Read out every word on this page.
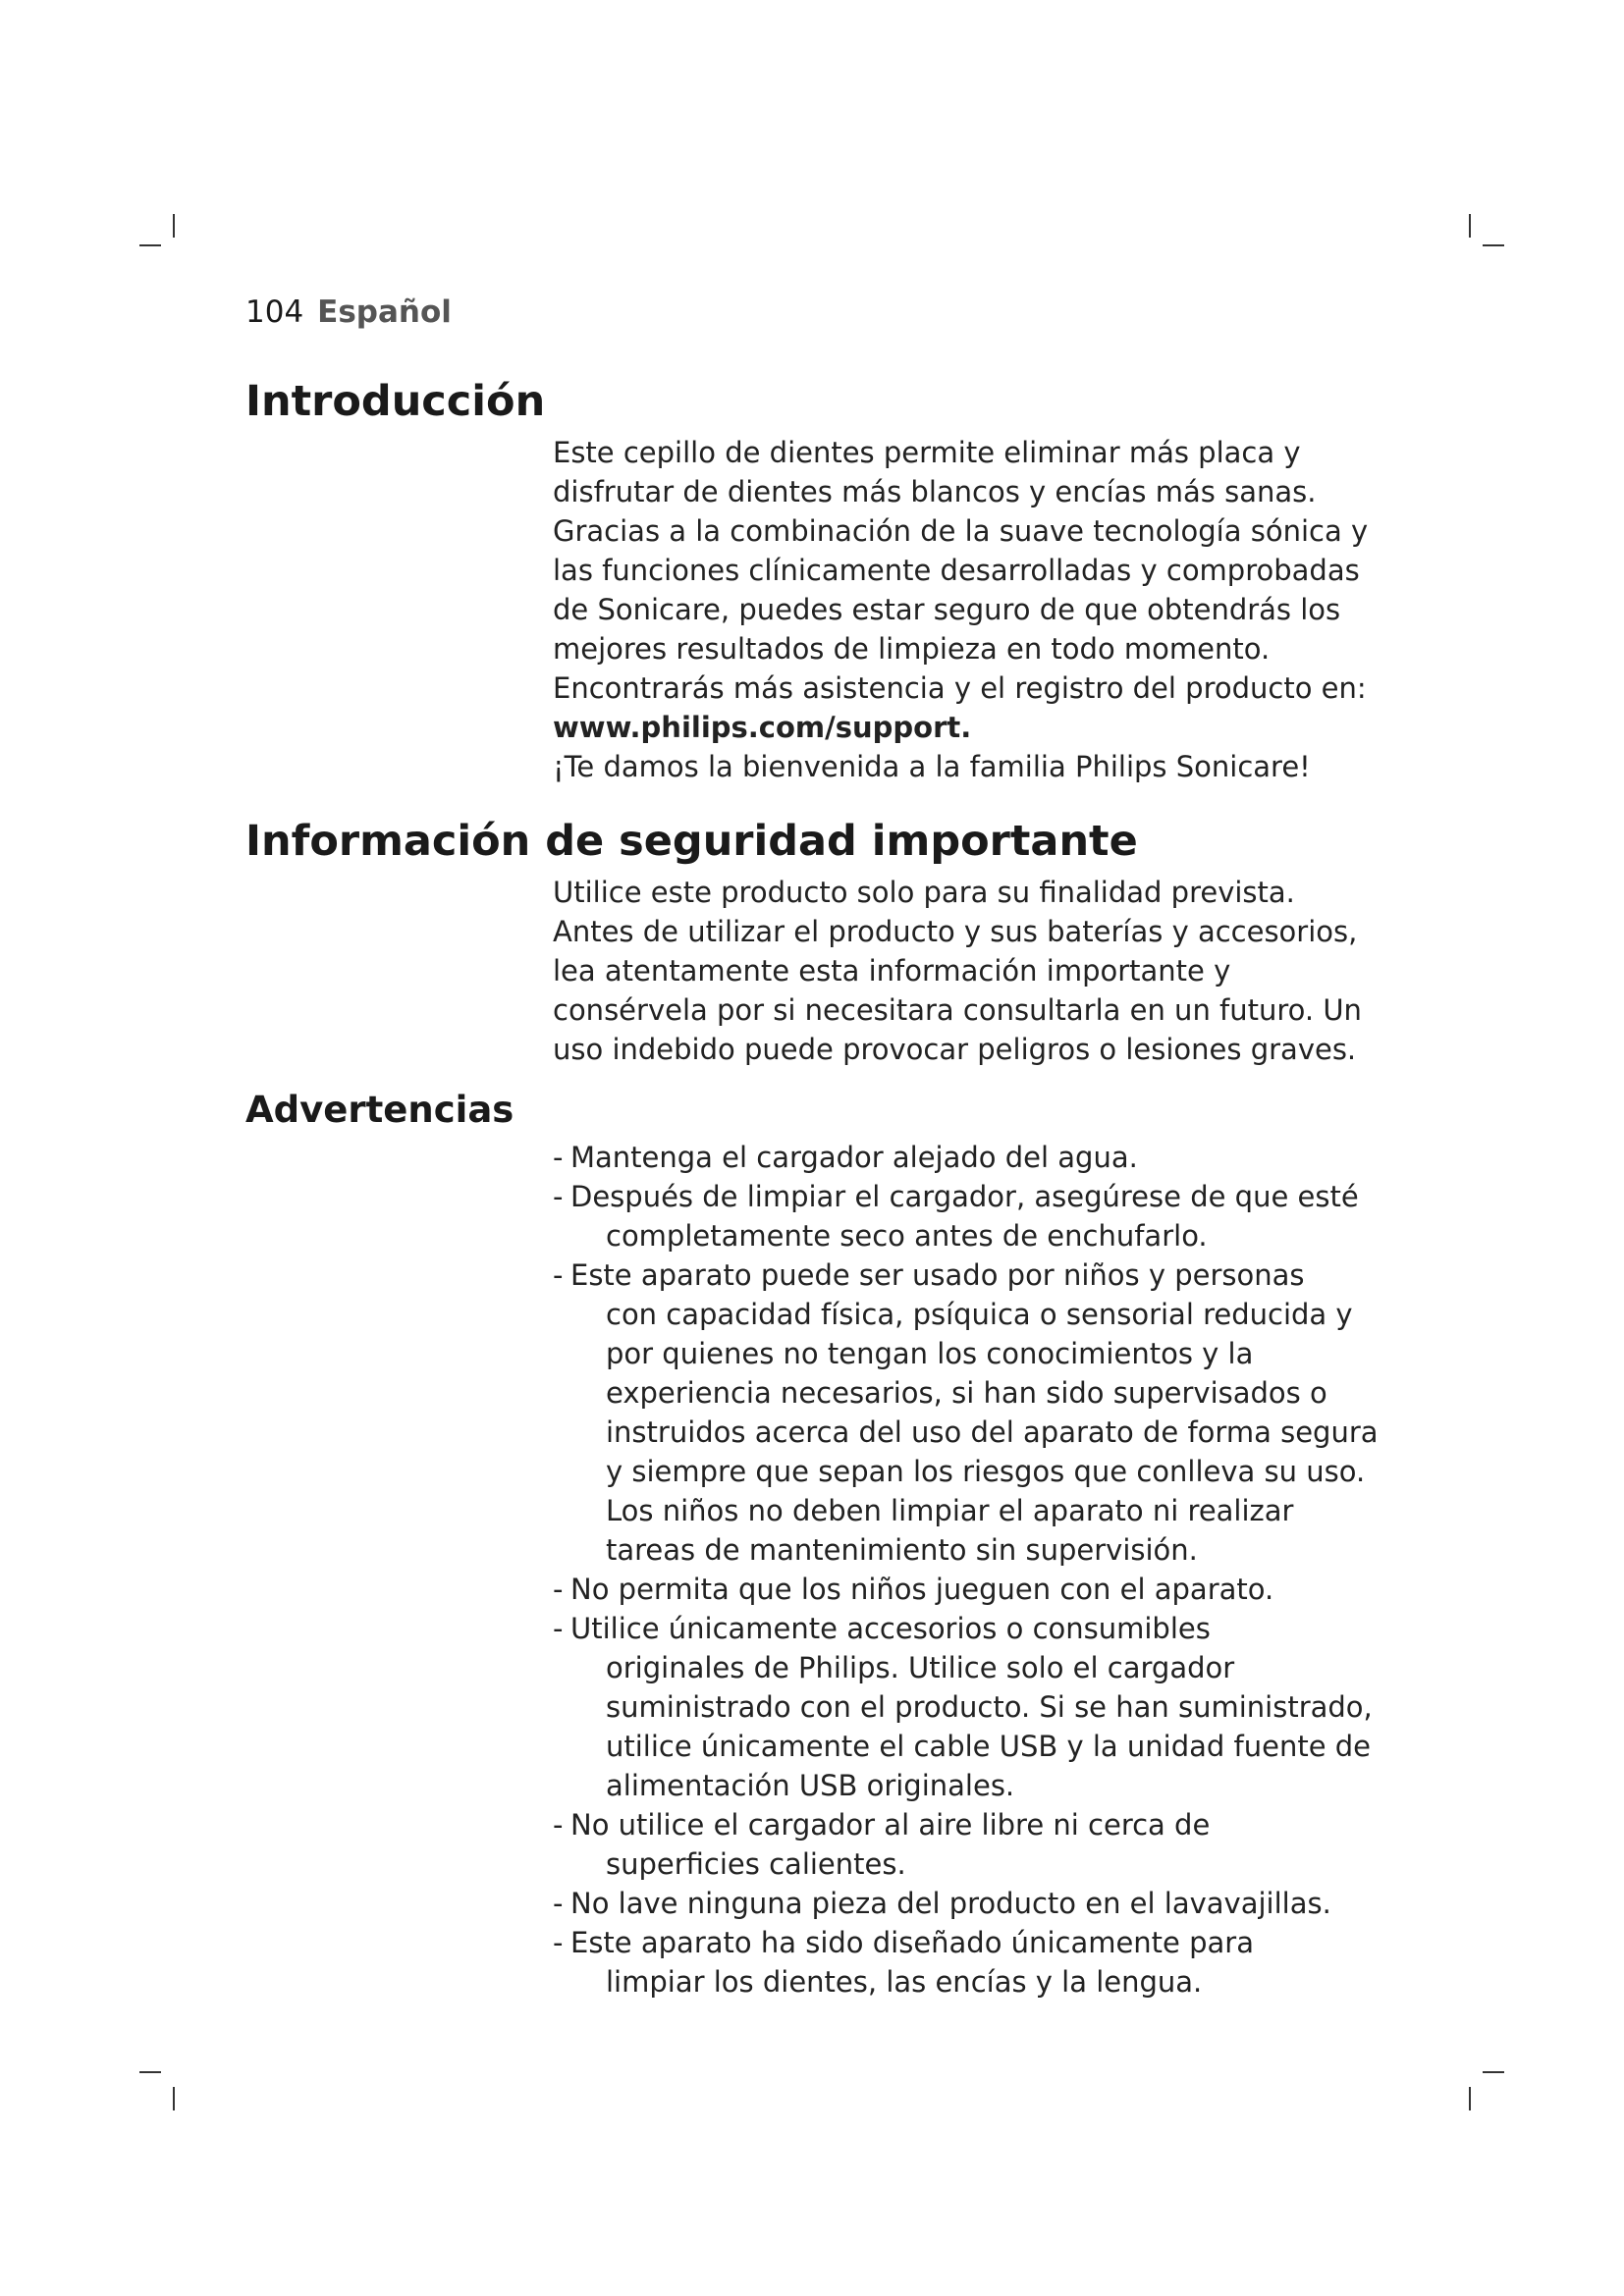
104 Español
Introducción
Este cepillo de dientes permite eliminar más placa y
disfrutar de dientes más blancos y encías más sanas.
Gracias a la combinación de la suave tecnología sónica y
las funciones clínicamente desarrolladas y comprobadas
de Sonicare, puedes estar seguro de que obtendrás los
mejores resultados de limpieza en todo momento.
Encontrarás más asistencia y el registro del producto en:
www.philips.com/support.
¡Te damos la bienvenida a la familia Philips Sonicare!
Información de seguridad importante
Utilice este producto solo para su finalidad prevista.
Antes de utilizar el producto y sus baterías y accesorios,
lea atentamente esta información importante y
consérvela por si necesitara consultarla en un futuro. Un
uso indebido puede provocar peligros o lesiones graves.
Advertencias
- Mantenga el cargador alejado del agua.
- Después de limpiar el cargador, asegúrese de que esté
completamente seco antes de enchufarlo.
- Este aparato puede ser usado por niños y personas
con capacidad física, psíquica o sensorial reducida y
por quienes no tengan los conocimientos y la
experiencia necesarios, si han sido supervisados o
instruidos acerca del uso del aparato de forma segura
y siempre que sepan los riesgos que conlleva su uso.
Los niños no deben limpiar el aparato ni realizar
tareas de mantenimiento sin supervisión.
- No permita que los niños jueguen con el aparato.
- Utilice únicamente accesorios o consumibles
originales de Philips. Utilice solo el cargador
suministrado con el producto. Si se han suministrado,
utilice únicamente el cable USB y la unidad fuente de
alimentación USB originales.
- No utilice el cargador al aire libre ni cerca de
superficies calientes.
- No lave ninguna pieza del producto en el lavavajillas.
- Este aparato ha sido diseñado únicamente para
limpiar los dientes, las encías y la lengua.
